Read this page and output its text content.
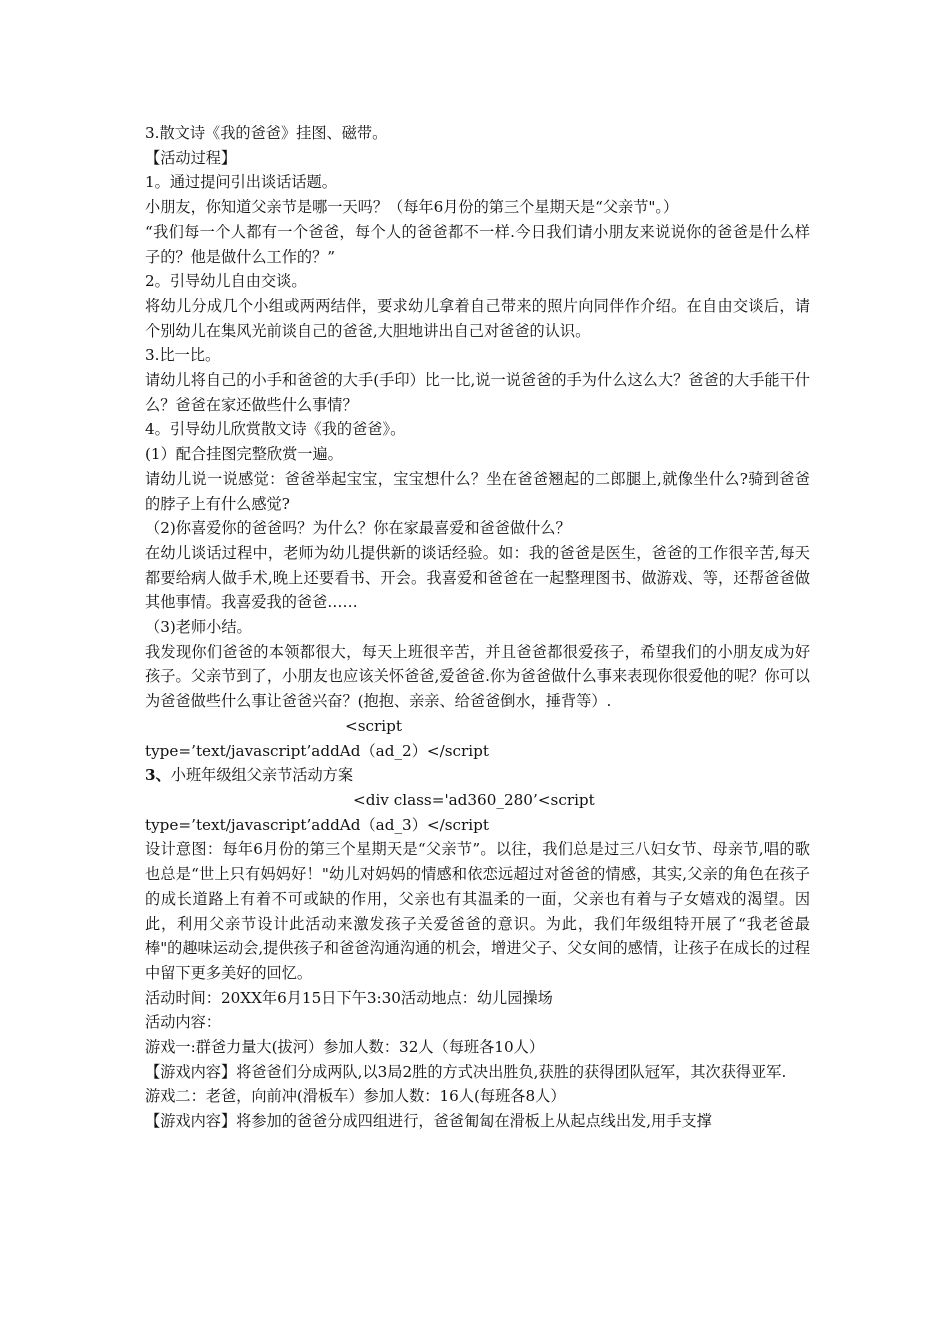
3.散文诗《我的爸爸》挂图、磁带。

【活动过程】

1。通过提问引出谈话话题。

小朋友，你知道父亲节是哪一天吗？（每年6月份的第三个星期天是“父亲节"。）

“我们每一个人都有一个爸爸，每个人的爸爸都不一样.今日我们请小朋友来说说你的爸爸是什么样子的？他是做什么工作的？”

2。引导幼儿自由交谈。

将幼儿分成几个小组或两两结伴，要求幼儿拿着自己带来的照片向同伴作介绍。在自由交谈后，请个别幼儿在集风光前谈自己的爸爸,大胆地讲出自己对爸爸的认识。

3.比一比。

请幼儿将自己的小手和爸爸的大手(手印）比一比,说一说爸爸的手为什么这么大？爸爸的大手能干什么？爸爸在家还做些什么事情？

4。引导幼儿欣赏散文诗《我的爸爸》。

(1）配合挂图完整欣赏一遍。

请幼儿说一说感觉：爸爸举起宝宝，宝宝想什么？坐在爸爸翘起的二郎腿上,就像坐什么?骑到爸爸的脖子上有什么感觉?

（2)你喜爱你的爸爸吗？为什么？你在家最喜爱和爸爸做什么？

在幼儿谈话过程中，老师为幼儿提供新的谈话经验。如：我的爸爸是医生，爸爸的工作很辛苦,每天都要给病人做手术,晚上还要看书、开会。我喜爱和爸爸在一起整理图书、做游戏、等，还帮爸爸做其他事情。我喜爱我的爸爸……

（3)老师小结。

我发现你们爸爸的本领都很大，每天上班很辛苦，并且爸爸都很爱孩子，希望我们的小朋友成为好孩子。父亲节到了，小朋友也应该关怀爸爸,爱爸爸.你为爸爸做什么事来表现你很爱他的呢？你可以为爸爸做些什么事让爸爸兴奋？(抱抱、亲亲、给爸爸倒水，捶背等）.

<script

type=’text/javascript’addAd（ad_2）</script

3、小班年级组父亲节活动方案

<div class='ad360_280’<script

type=’text/javascript’addAd（ad_3）</script

设计意图：每年6月份的第三个星期天是“父亲节”。以往，我们总是过三八妇女节、母亲节,唱的歌也总是“世上只有妈妈好！"幼儿对妈妈的情感和依恋远超过对爸爸的情感，其实,父亲的角色在孩子的成长道路上有着不可或缺的作用，父亲也有其温柔的一面，父亲也有着与子女嬉戏的渴望。因此，利用父亲节设计此活动来激发孩子关爱爸爸的意识。为此，我们年级组特开展了“我老爸最棒"的趣味运动会,提供孩子和爸爸沟通沟通的机会，增进父子、父女间的感情，让孩子在成长的过程中留下更多美好的回忆。

活动时间：20XX年6月15日下午3:30活动地点：幼儿园操场

活动内容：

游戏一:群爸力量大(拔河）参加人数：32人（每班各10人）

【游戏内容】将爸爸们分成两队,以3局2胜的方式决出胜负,获胜的获得团队冠军，其次获得亚军.

游戏二：老爸，向前冲(滑板车）参加人数：16人(每班各8人）

【游戏内容】将参加的爸爸分成四组进行，爸爸匍匐在滑板上从起点线出发,用手支撑
